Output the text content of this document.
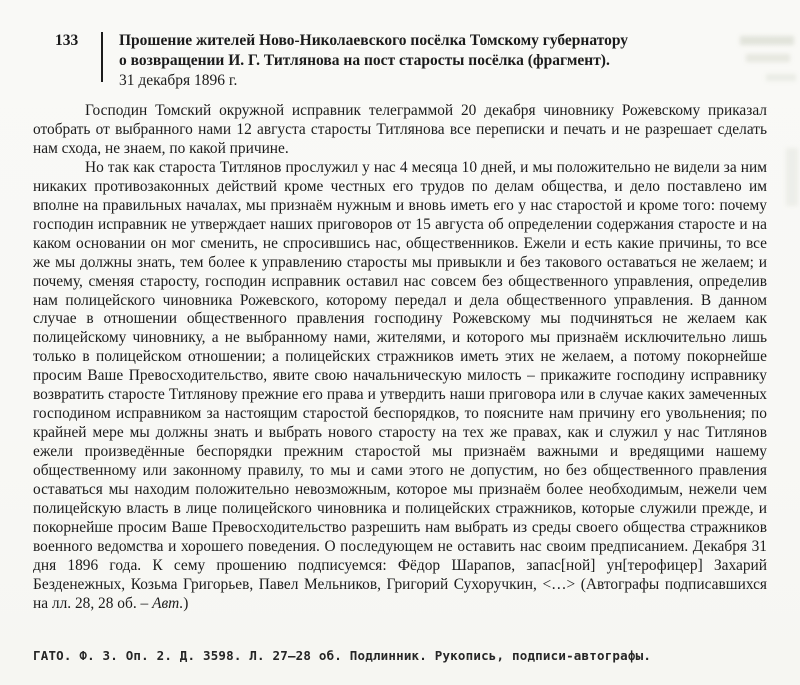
133	Прошение жителей Ново-Николаевского посёлка Томскому губернатору
о возвращении И. Г. Титлянова на пост старосты посёлка (фрагмент).
31 декабря 1896 г.

Господин Томский окружной исправник телеграммой 20 декабря чиновнику Рожевскому приказал отобрать от выбранного нами 12 августа старосты Титлянова все переписки и печать и не разрешает сделать нам схода, не знаем, по какой причине.

Но так как староста Титлянов прослужил у нас 4 месяца 10 дней, и мы положительно не видели за ним никаких противозаконных действий кроме честных его трудов по делам общества, и дело поставлено им вполне на правильных началах, мы признаём нужным и вновь иметь его у нас старостой и кроме того: почему господин исправник не утверждает наших приговоров от 15 августа об определении содержания старосте и на каком основании он мог сменить, не спросившись нас, общественников. Ежели и есть какие причины, то все же мы должны знать, тем более к управлению старосты мы привыкли и без такового оставаться не желаем; и почему, сменяя старосту, господин исправник оставил нас совсем без общественного управления, определив нам полицейского чиновника Рожевского, которому передал и дела общественного управления. В данном случае в отношении общественного правления господину Рожевскому мы подчиняться не желаем как полицейскому чиновнику, а не выбранному нами, жителями, и которого мы признаём исключительно лишь только в полицейском отношении; а полицейских стражников иметь этих не желаем, а потому покорнейше просим Ваше Превосходительство, явите свою начальническую милость – прикажите господину исправнику возвратить старосте Титлянову прежние его права и утвердить наши приговора или в случае каких замеченных господином исправником за настоящим старостой беспорядков, то поясните нам причину его увольнения; по крайней мере мы должны знать и выбрать нового старосту на тех же правах, как и служил у нас Титлянов ежели произведённые беспорядки прежним старостой мы признаём важными и вредящими нашему общественному или законному правилу, то мы и сами этого не допустим, но без общественного правления оставаться мы находим положительно невозможным, которое мы признаём более необходимым, нежели чем полицейскую власть в лице полицейского чиновника и полицейских стражников, которые служили прежде, и покорнейше просим Ваше Превосходительство разрешить нам выбрать из среды своего общества стражников военного ведомства и хорошего поведения. О последующем не оставить нас своим предписанием. Декабря 31 дня 1896 года. К сему прошению подписуемся: Фёдор Шарапов, запас[ной] ун[терофицер] Захарий Безденежных, Козьма Григорьев, Павел Мельников, Григорий Сухоручкин, <…> (Автографы подписавшихся на лл. 28, 28 об. – Авт.)

ГАТО. Ф. 3. Оп. 2. Д. 3598. Л. 27–28 об. Подлинник. Рукопись, подписи-автографы.
